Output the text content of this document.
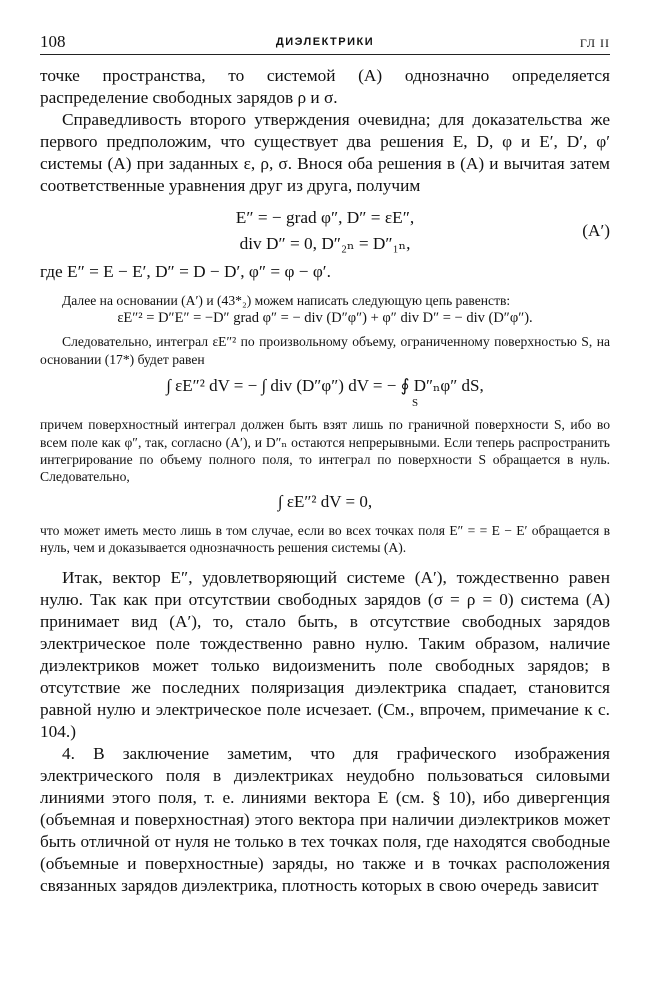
108	ДИЭЛЕКТРИКИ	ГЛ II

точке пространства, то системой (A) однозначно определяется распределение свободных зарядов ρ и σ.

Справедливость второго утверждения очевидна; для доказательства же первого предположим, что существует два решения E, D, φ и E′, D′, φ′ системы (A) при заданных ε, ρ, σ. Внося оба решения в (A) и вычитая затем соответственные уравнения друг из друга, получим

E″ = − grad φ″, D″ = εE″,
div D″ = 0, D″₂ₙ = D″₁ₙ,
(A′)

где E″ = E − E′, D″ = D − D′, φ″ = φ − φ′.

Далее на основании (A′) и (43*₂) можем написать следующую цепь равенств:

εE″² = D″E″ = −D″ grad φ″ = − div (D″φ″) + φ″ div D″ = − div (D″φ″).

Следовательно, интеграл εE″² по произвольному объему, ограниченному поверхностью S, на основании (17*) будет равен

∫ εE″² dV = − ∫ div (D″φ″) dV = − ∮ D″ₙφ″ dS,
S

причем поверхностный интеграл должен быть взят лишь по граничной поверхности S, ибо во всем поле как φ″, так, согласно (A′), и D″ₙ остаются непрерывными. Если теперь распространить интегрирование по объему полного поля, то интеграл по поверхности S обращается в нуль. Следовательно,

∫ εE″² dV = 0,

что может иметь место лишь в том случае, если во всех точках поля E″ = = E − E′ обращается в нуль, чем и доказывается однозначность решения системы (A).

Итак, вектор E″, удовлетворяющий системе (A′), тождественно равен нулю. Так как при отсутствии свободных зарядов (σ = ρ = 0) система (A) принимает вид (A′), то, стало быть, в отсутствие свободных зарядов электрическое поле тождественно равно нулю. Таким образом, наличие диэлектриков может только видоизменить поле свободных зарядов; в отсутствие же последних поляризация диэлектрика спадает, становится равной нулю и электрическое поле исчезает. (См., впрочем, примечание к с. 104.)

4. В заключение заметим, что для графического изображения электрического поля в диэлектриках неудобно пользоваться силовыми линиями этого поля, т. е. линиями вектора E (см. § 10), ибо дивергенция (объемная и поверхностная) этого вектора при наличии диэлектриков может быть отличной от нуля не только в тех точках поля, где находятся свободные (объемные и поверхностные) заряды, но также и в точках расположения связанных зарядов диэлектрика, плотность которых в свою очередь зависит
